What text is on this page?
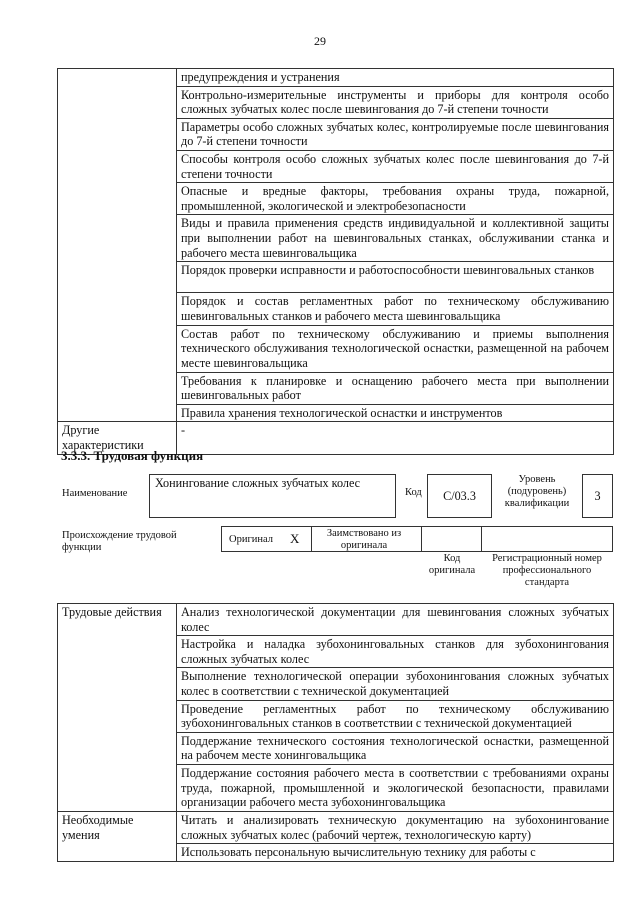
29
	предупреждения и устранения
	Контрольно-измерительные инструменты и приборы для контроля особо сложных зубчатых колес после шевингования до 7-й степени точности
	Параметры особо сложных зубчатых колес, контролируемые после шевингования до 7-й степени точности
	Способы контроля особо сложных зубчатых колес после шевингования до 7-й степени точности
	Опасные и вредные факторы, требования охраны труда, пожарной, промышленной, экологической и электробезопасности
	Виды и правила применения средств индивидуальной и коллективной защиты при выполнении работ на шевинговальных станках, обслуживании станка и рабочего места шевинговальщика
	Порядок проверки исправности и работоспособности шевинговальных станков
	Порядок и состав регламентных работ по техническому обслуживанию шевинговальных станков и рабочего места шевинговальщика
	Состав работ по техническому обслуживанию и приемы выполнения технического обслуживания технологической оснастки, размещенной на рабочем месте шевинговальщика
	Требования к планировке и оснащению рабочего места при выполнении шевинговальных работ
	Правила хранения технологической оснастки и инструментов
Другие характеристики	-
3.3.3. Трудовая функция
Наименование
Хонингование сложных зубчатых колес
Код	С/03.3
Уровень (подуровень) квалификации
3
Происхождение трудовой функции
Оригинал X	Заимствовано из оригинала
Код оригинала
Регистрационный номер профессионального стандарта
Трудовые действия	Анализ технологической документации для шевингования сложных зубчатых колес
	Настройка и наладка зубохонинговальных станков для зубохонингования сложных зубчатых колес
	Выполнение технологической операции зубохонингования сложных зубчатых колес в соответствии с технической документацией
	Проведение регламентных работ по техническому обслуживанию зубохонинговальных станков в соответствии с технической документацией
	Поддержание технического состояния технологической оснастки, размещенной на рабочем месте хонинговальщика
	Поддержание состояния рабочего места в соответствии с требованиями охраны труда, пожарной, промышленной и экологической безопасности, правилами организации рабочего места зубохонинговальщика
Необходимые умения	Читать и анализировать техническую документацию на зубохонингование сложных зубчатых колес (рабочий чертеж, технологическую карту)
	Использовать персональную вычислительную технику для работы с
